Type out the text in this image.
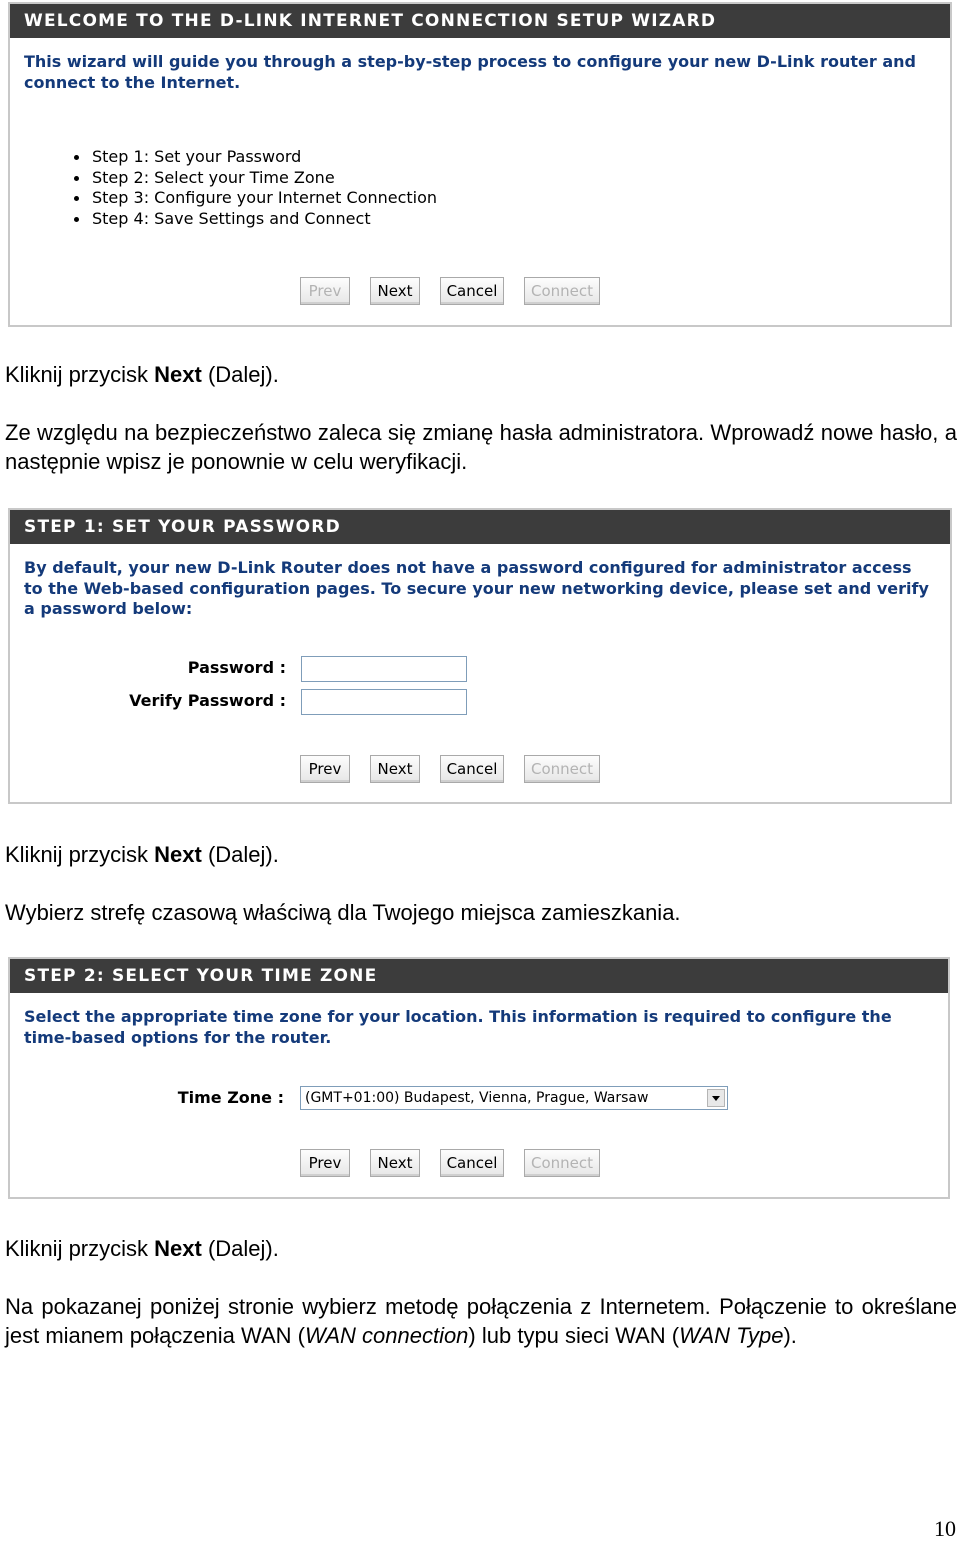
WELCOME TO THE D-LINK INTERNET CONNECTION SETUP WIZARD
This wizard will guide you through a step-by-step process to configure your new D-Link router and connect to the Internet.
Step 1: Set your Password
Step 2: Select your Time Zone
Step 3: Configure your Internet Connection
Step 4: Save Settings and Connect
Prev	Next	Cancel	Connect

Kliknij przycisk Next (Dalej).

Ze względu na bezpieczeństwo zaleca się zmianę hasła administratora. Wprowadź nowe hasło, a następnie wpisz je ponownie w celu weryfikacji.

STEP 1: SET YOUR PASSWORD
By default, your new D-Link Router does not have a password configured for administrator access to the Web-based configuration pages. To secure your new networking device, please set and verify a password below:
Password :
Verify Password :
Prev	Next	Cancel	Connect

Kliknij przycisk Next (Dalej).

Wybierz strefę czasową właściwą dla Twojego miejsca zamieszkania.

STEP 2: SELECT YOUR TIME ZONE
Select the appropriate time zone for your location. This information is required to configure the time-based options for the router.
Time Zone :	(GMT+01:00) Budapest, Vienna, Prague, Warsaw
Prev	Next	Cancel	Connect

Kliknij przycisk Next (Dalej).

Na pokazanej poniżej stronie wybierz metodę połączenia z Internetem. Połączenie to określane jest mianem połączenia WAN (WAN connection) lub typu sieci WAN (WAN Type).

10
